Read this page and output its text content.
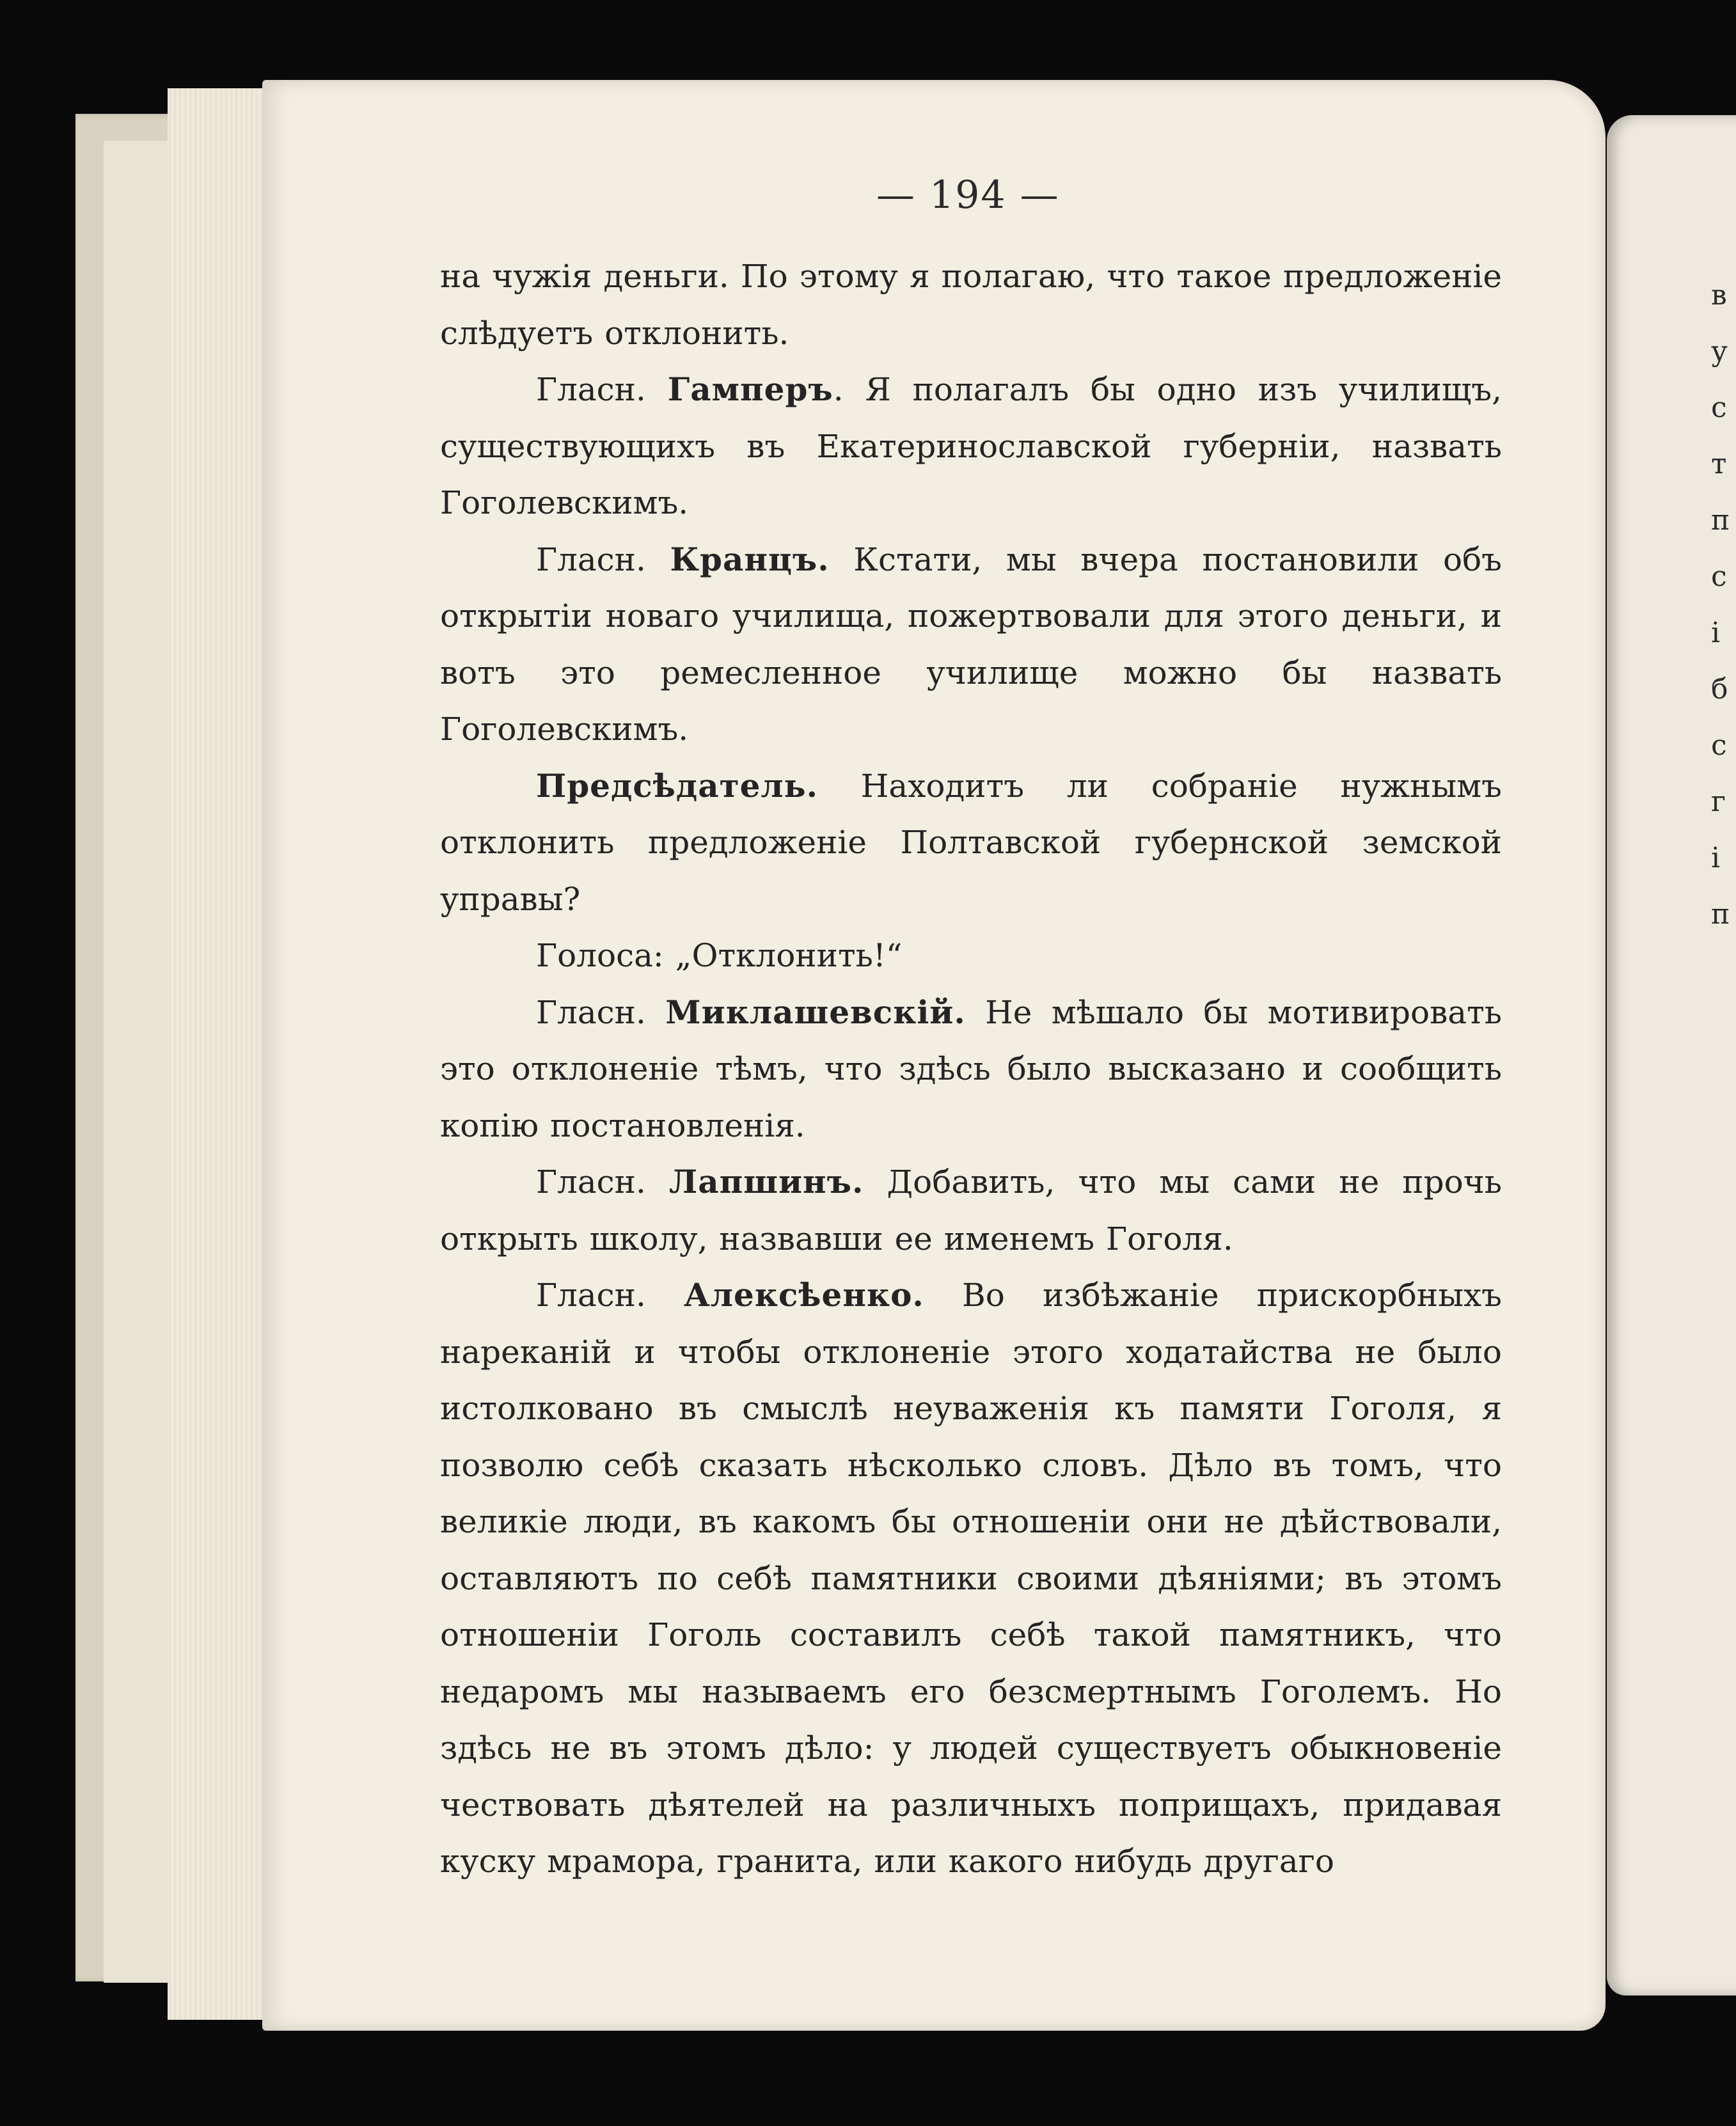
в
у
с
т
п
с
і
б
с
г
і
п
— 194 —

на чужія деньги. По этому я полагаю, что такое предложеніе слѣдуетъ отклонить.

Гласн. Гамперъ. Я полагалъ бы одно изъ училищъ, существующихъ въ Екатеринославской губерніи, назвать Гоголевскимъ.

Гласн. Кранцъ. Кстати, мы вчера постановили объ открытіи новаго училища, пожертвовали для этого деньги, и вотъ это ремесленное училище можно бы назвать Гоголевскимъ.

Предсѣдатель. Находитъ ли собраніе нужнымъ отклонить предложеніе Полтавской губернской земской управы?

Голоса: „Отклонить!“

Гласн. Миклашевскій. Не мѣшало бы мотивировать это отклоненіе тѣмъ, что здѣсь было высказано и сообщить копію постановленія.

Гласн. Лапшинъ. Добавить, что мы сами не прочь открыть школу, назвавши ее именемъ Гоголя.

Гласн. Алексѣенко. Во избѣжаніе прискорбныхъ нареканій и чтобы отклоненіе этого ходатайства не было истолковано въ смыслѣ неуваженія къ памяти Гоголя, я позволю себѣ сказать нѣсколько словъ. Дѣло въ томъ, что великіе люди, въ какомъ бы отношеніи они не дѣйствовали, оставляютъ по себѣ памятники своими дѣяніями; въ этомъ отношеніи Гоголь составилъ себѣ такой памятникъ, что недаромъ мы называемъ его безсмертнымъ Гоголемъ. Но здѣсь не въ этомъ дѣло: у людей существуетъ обыкновеніе чествовать дѣятелей на различныхъ поприщахъ, придавая куску мрамора, гранита, или какого нибудь другаго
